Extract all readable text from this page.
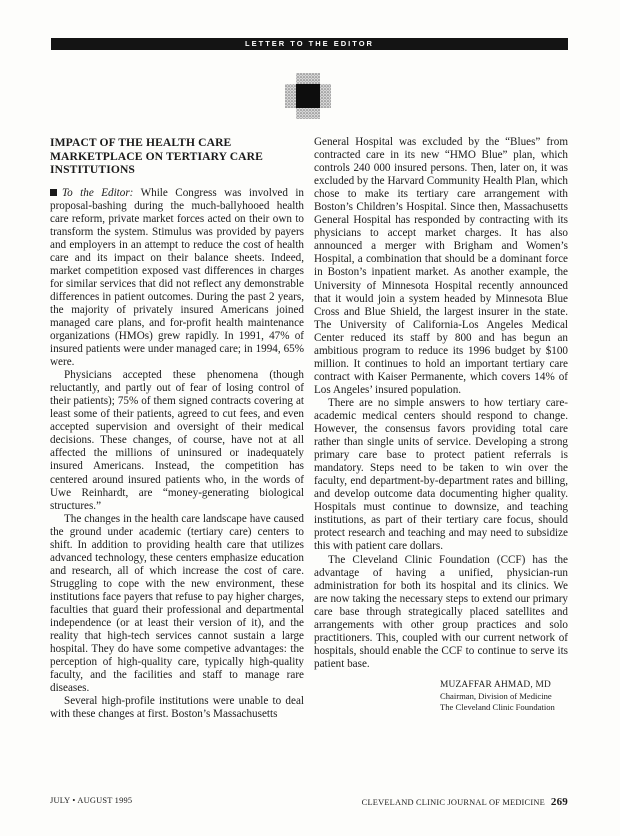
LETTER TO THE EDITOR
IMPACT OF THE HEALTH CARE MARKETPLACE ON TERTIARY CARE INSTITUTIONS

To the Editor: While Congress was involved in proposal-bashing during the much-ballyhooed health care reform, private market forces acted on their own to transform the system. Stimulus was provided by payers and employers in an attempt to reduce the cost of health care and its impact on their balance sheets. Indeed, market competition exposed vast differences in charges for similar services that did not reflect any demonstrable differences in patient outcomes. During the past 2 years, the majority of privately insured Americans joined managed care plans, and for-profit health maintenance organizations (HMOs) grew rapidly. In 1991, 47% of insured patients were under managed care; in 1994, 65% were.

Physicians accepted these phenomena (though reluctantly, and partly out of fear of losing control of their patients); 75% of them signed contracts covering at least some of their patients, agreed to cut fees, and even accepted supervision and oversight of their medical decisions. These changes, of course, have not at all affected the millions of uninsured or inadequately insured Americans. Instead, the competition has centered around insured patients who, in the words of Uwe Reinhardt, are “money-generating biological structures.”

The changes in the health care landscape have caused the ground under academic (tertiary care) centers to shift. In addition to providing health care that utilizes advanced technology, these centers emphasize education and research, all of which increase the cost of care. Struggling to cope with the new environment, these institutions face payers that refuse to pay higher charges, faculties that guard their professional and departmental independence (or at least their version of it), and the reality that high-tech services cannot sustain a large hospital. They do have some competive advantages: the perception of high-quality care, typically high-quality faculty, and the facilities and staff to manage rare diseases.

Several high-profile institutions were unable to deal with these changes at first. Boston’s Massachusetts

General Hospital was excluded by the “Blues” from contracted care in its new “HMO Blue” plan, which controls 240 000 insured persons. Then, later on, it was excluded by the Harvard Community Health Plan, which chose to make its tertiary care arrangement with Boston’s Children’s Hospital. Since then, Massachusetts General Hospital has responded by contracting with its physicians to accept market charges. It has also announced a merger with Brigham and Women’s Hospital, a combination that should be a dominant force in Boston’s inpatient market. As another example, the University of Minnesota Hospital recently announced that it would join a system headed by Minnesota Blue Cross and Blue Shield, the largest insurer in the state. The University of California-Los Angeles Medical Center reduced its staff by 800 and has begun an ambitious program to reduce its 1996 budget by $100 million. It continues to hold an important tertiary care contract with Kaiser Permanente, which covers 14% of Los Angeles’ insured population.

There are no simple answers to how tertiary care-academic medical centers should respond to change. However, the consensus favors providing total care rather than single units of service. Developing a strong primary care base to protect patient referrals is mandatory. Steps need to be taken to win over the faculty, end department-by-department rates and billing, and develop outcome data documenting higher quality. Hospitals must continue to downsize, and teaching institutions, as part of their tertiary care focus, should protect research and teaching and may need to subsidize this with patient care dollars.

The Cleveland Clinic Foundation (CCF) has the advantage of having a unified, physician-run administration for both its hospital and its clinics. We are now taking the necessary steps to extend our primary care base through strategically placed satellites and arrangements with other group practices and solo practitioners. This, coupled with our current network of hospitals, should enable the CCF to continue to serve its patient base.

MUZAFFAR AHMAD, MD
Chairman, Division of Medicine
The Cleveland Clinic Foundation
JULY • AUGUST 1995	CLEVELAND CLINIC JOURNAL OF MEDICINE 269
